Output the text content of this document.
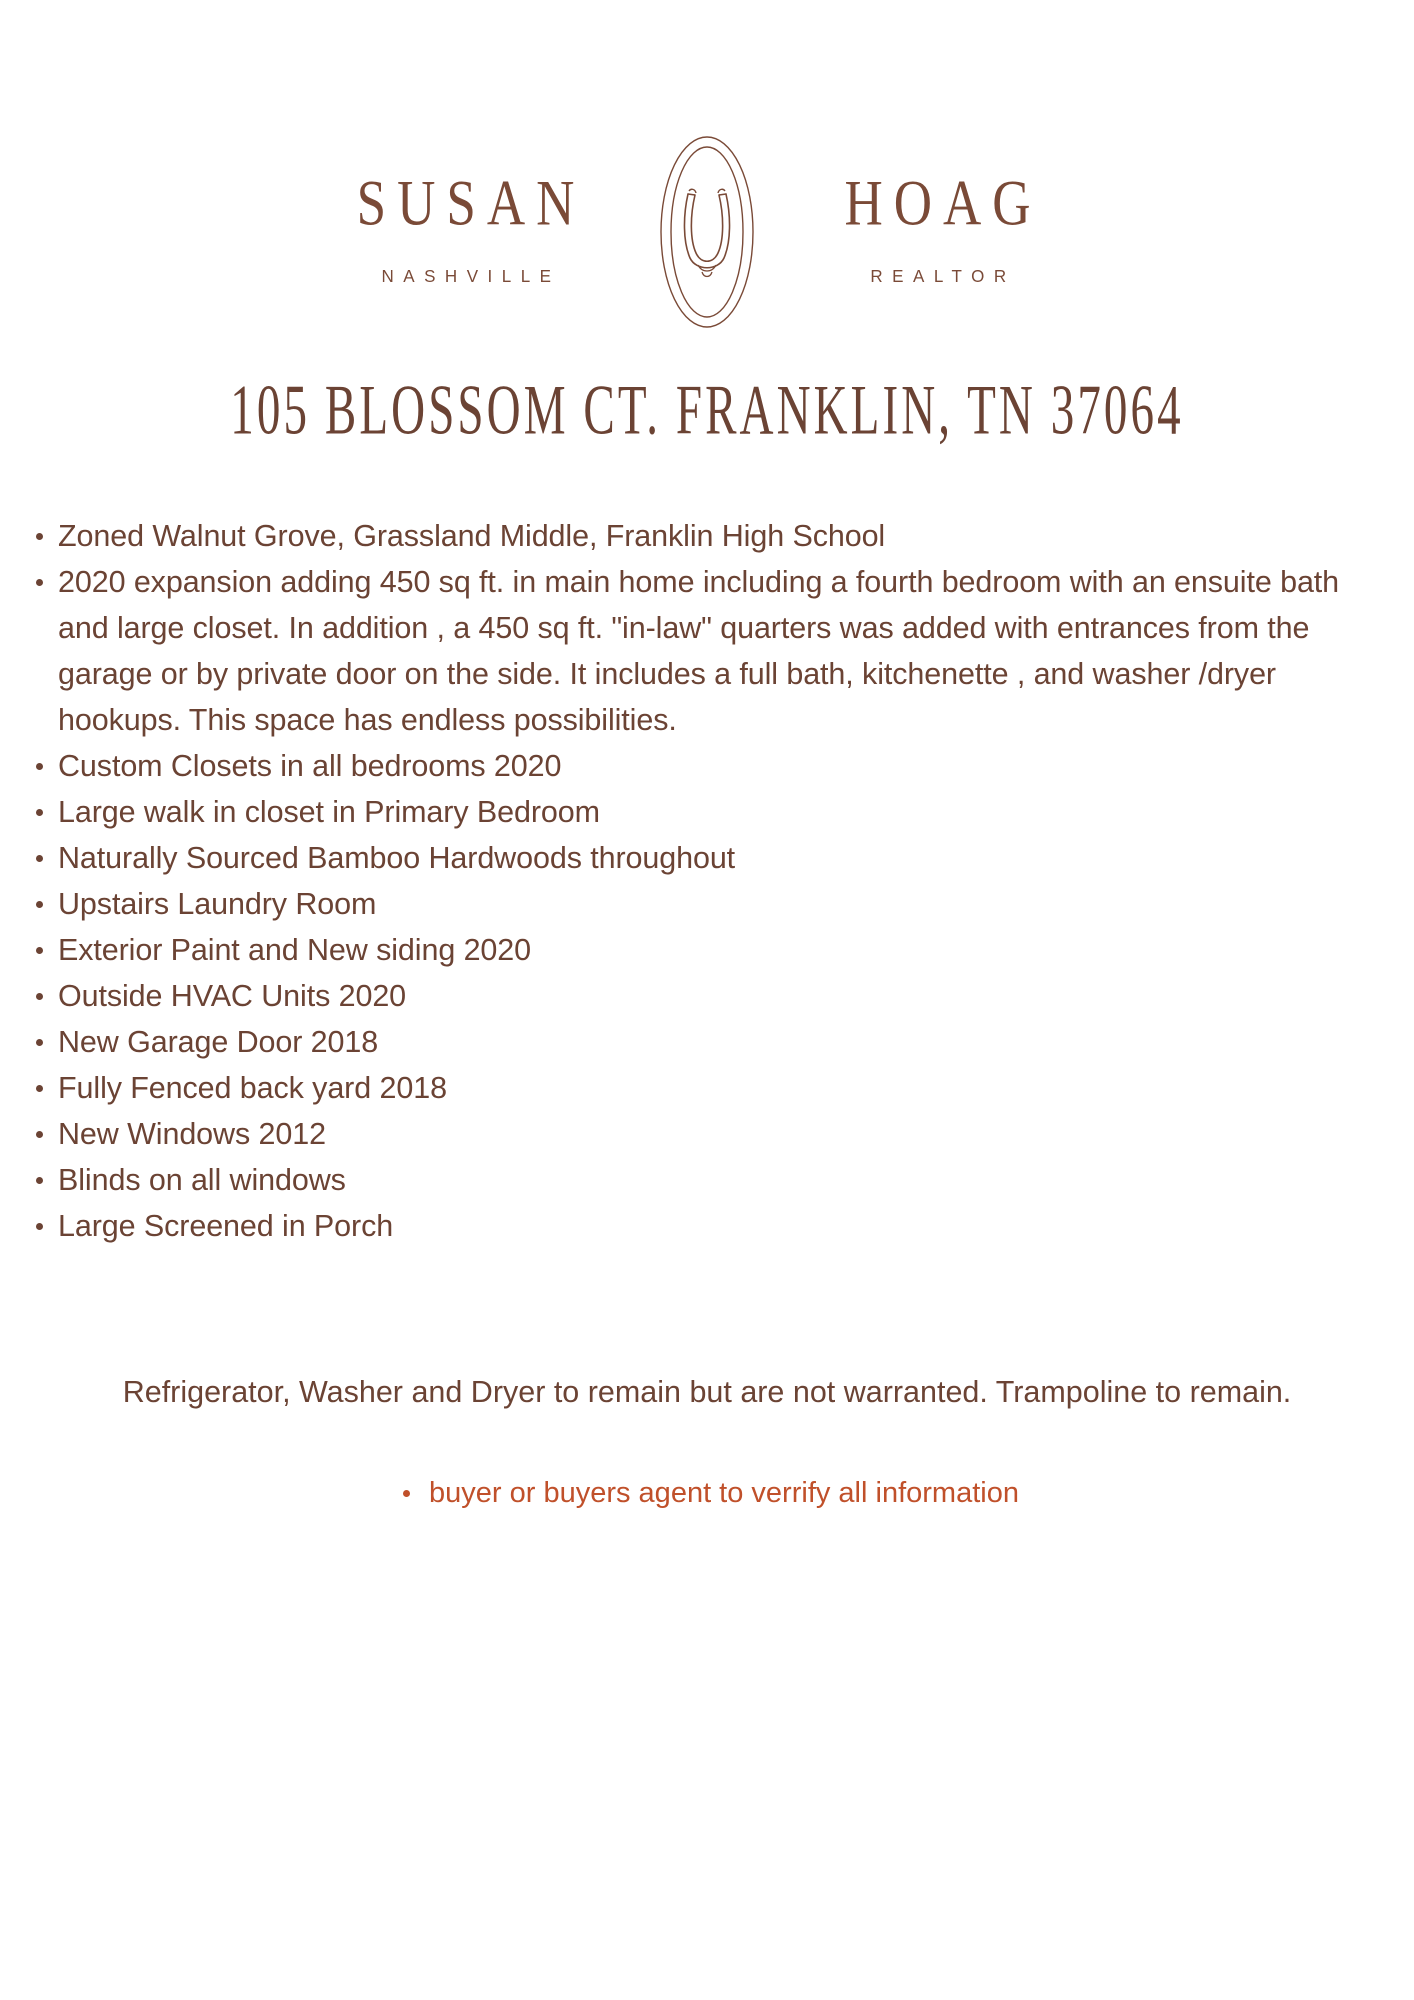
SUSAN
NASHVILLE
HOAG
REALTOR
105 BLOSSOM CT. FRANKLIN, TN 37064
Zoned Walnut Grove, Grassland Middle, Franklin High School
2020 expansion adding 450 sq ft. in main home including a fourth bedroom with an ensuite bath and large closet. In addition , a 450 sq ft. "in-law" quarters was added with entrances from the garage or by private door on the side. It includes a full bath, kitchenette , and washer /dryer hookups. This space has endless possibilities.
Custom Closets in all bedrooms 2020
Large walk in closet in Primary Bedroom
Naturally Sourced Bamboo Hardwoods throughout
Upstairs Laundry Room
Exterior Paint and New siding 2020
Outside HVAC Units 2020
New Garage Door 2018
Fully Fenced back yard 2018
New Windows 2012
Blinds on all windows
Large Screened in Porch
Refrigerator, Washer and Dryer to remain but are not warranted. Trampoline to remain.
buyer or buyers agent to verrify all information
